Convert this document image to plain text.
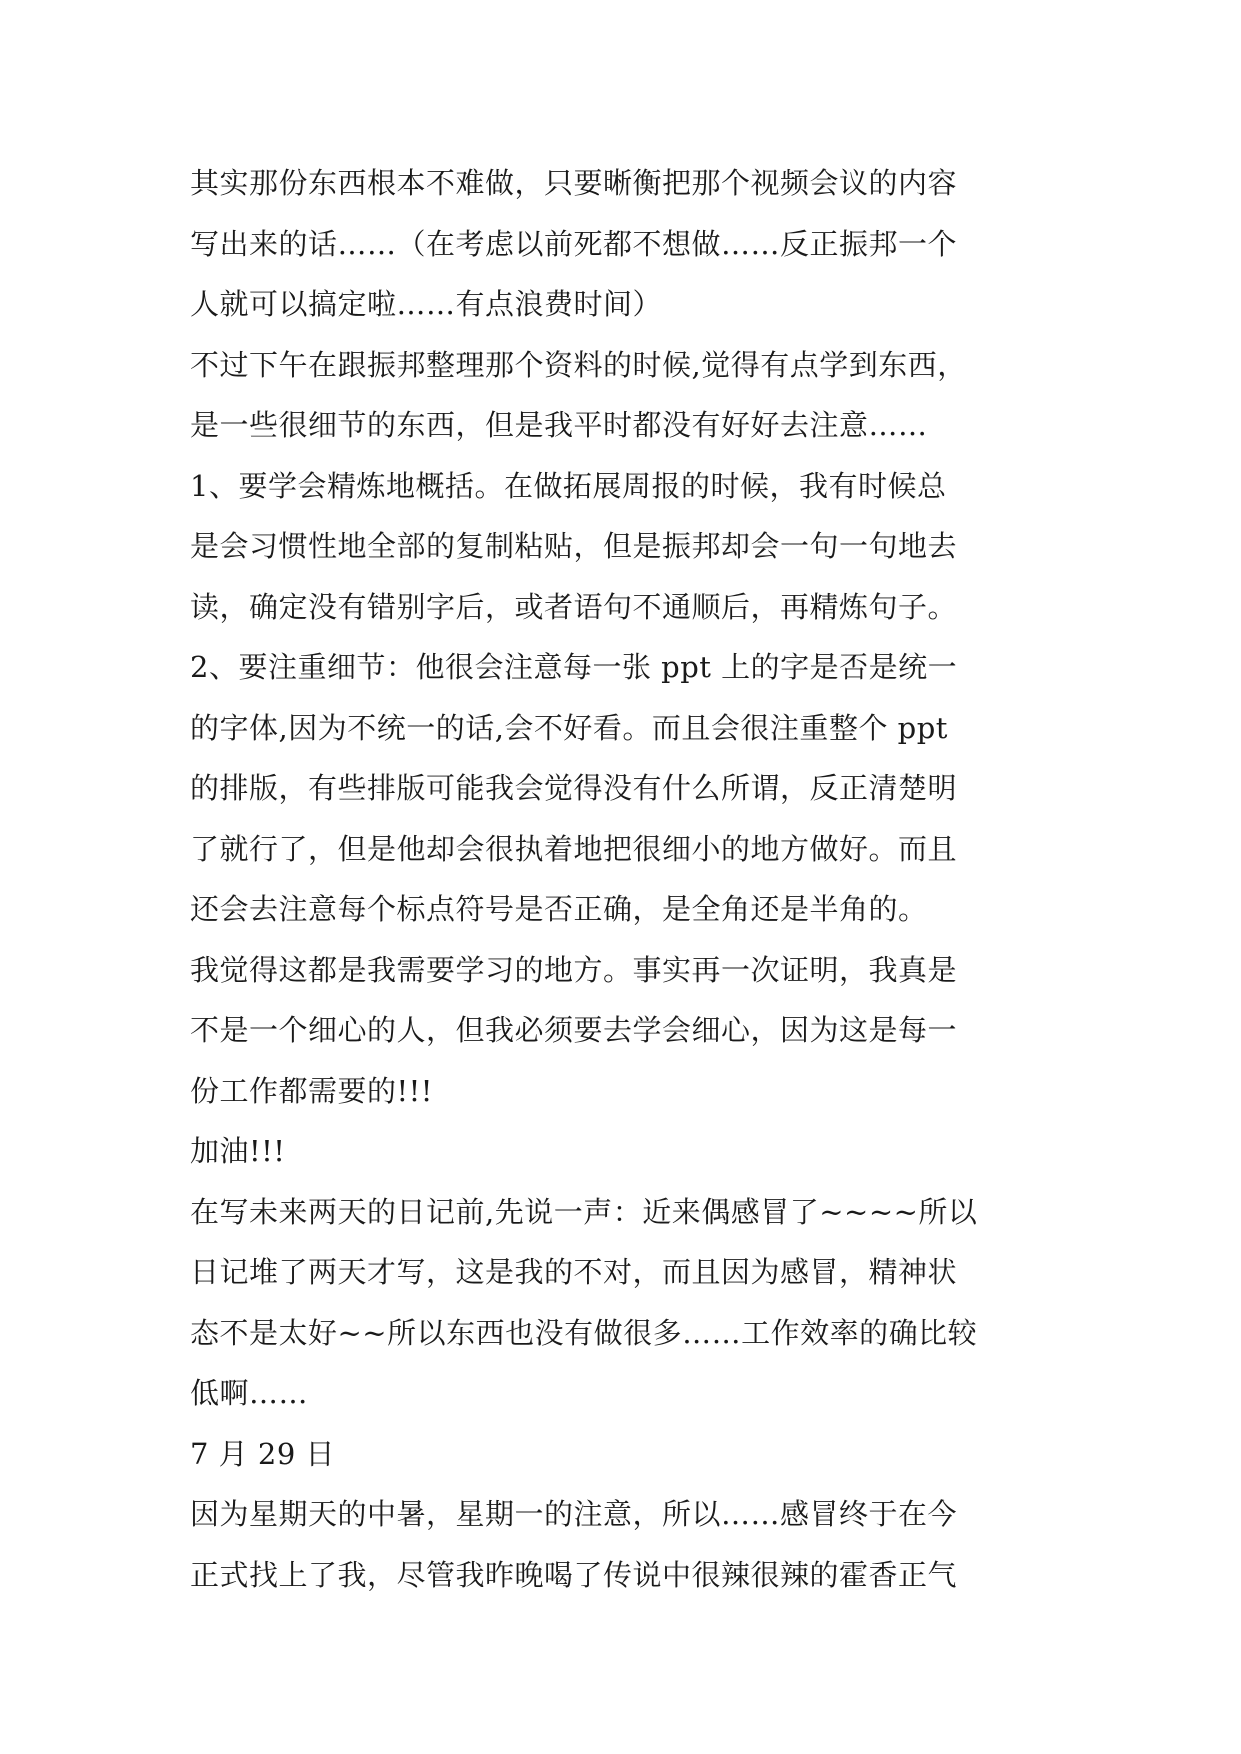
其实那份东西根本不难做，只要晰衡把那个视频会议的内容
写出来的话……（在考虑以前死都不想做……反正振邦一个
人就可以搞定啦……有点浪费时间）
不过下午在跟振邦整理那个资料的时候,觉得有点学到东西，
是一些很细节的东西，但是我平时都没有好好去注意……
1、要学会精炼地概括。在做拓展周报的时候，我有时候总
是会习惯性地全部的复制粘贴，但是振邦却会一句一句地去
读，确定没有错别字后，或者语句不通顺后，再精炼句子。
2、要注重细节：他很会注意每一张 ppt 上的字是否是统一
的字体,因为不统一的话,会不好看。而且会很注重整个 ppt
的排版，有些排版可能我会觉得没有什么所谓，反正清楚明
了就行了，但是他却会很执着地把很细小的地方做好。而且
还会去注意每个标点符号是否正确，是全角还是半角的。
我觉得这都是我需要学习的地方。事实再一次证明，我真是
不是一个细心的人，但我必须要去学会细心，因为这是每一
份工作都需要的!!!
加油!!!
在写未来两天的日记前,先说一声：近来偶感冒了~~~~所以
日记堆了两天才写，这是我的不对，而且因为感冒，精神状
态不是太好~~所以东西也没有做很多……工作效率的确比较
低啊……
7 月 29 日
因为星期天的中暑，星期一的注意，所以……感冒终于在今
正式找上了我，尽管我昨晚喝了传说中很辣很辣的霍香正气
